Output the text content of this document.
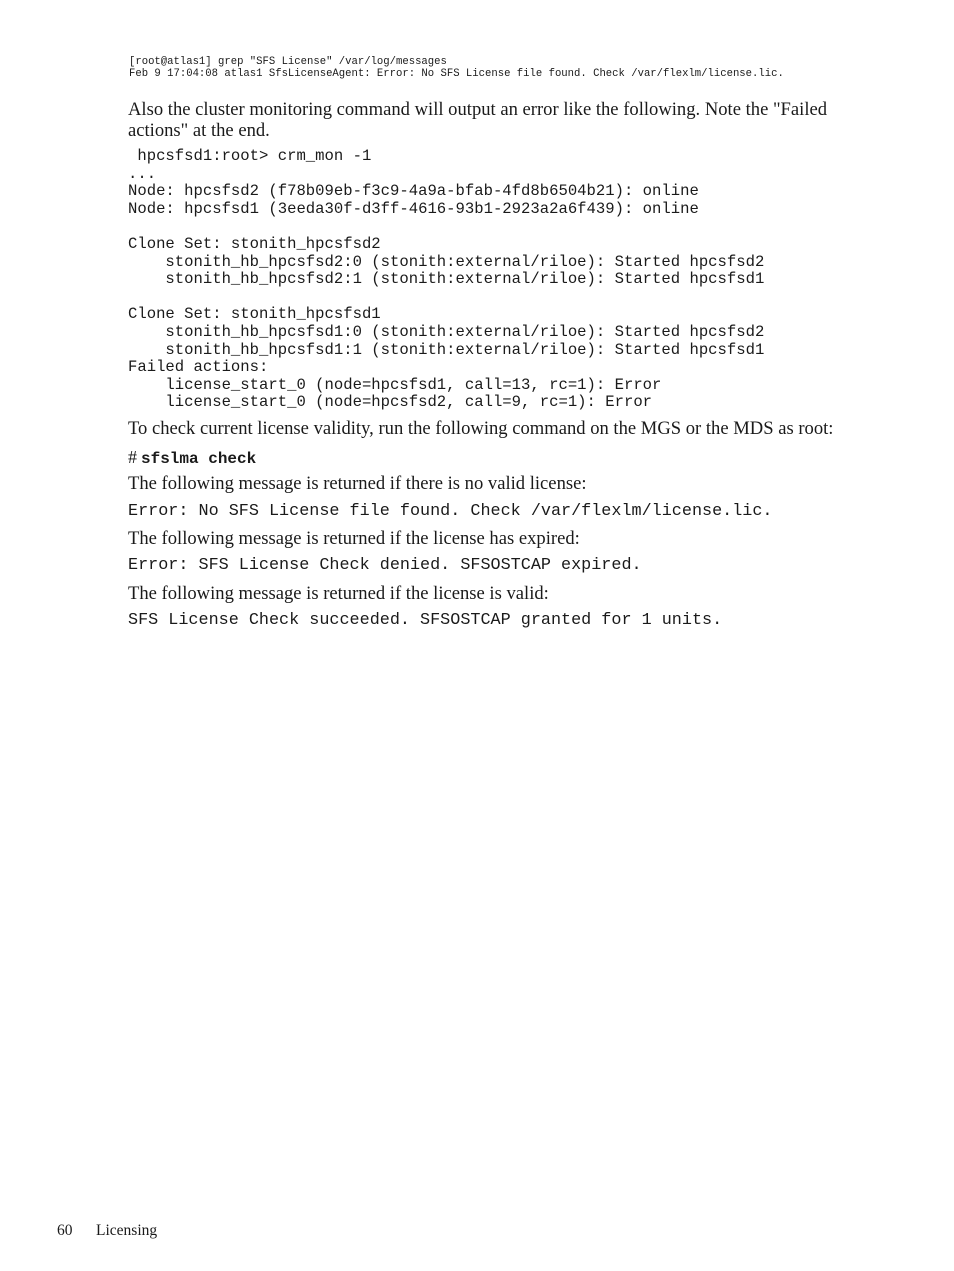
[root@atlas1] grep "SFS License" /var/log/messages
Feb 9 17:04:08 atlas1 SfsLicenseAgent: Error: No SFS License file found. Check /var/flexlm/license.lic.
Also the cluster monitoring command will output an error like the following. Note the "Failed actions" at the end.
hpcsfsd1:root> crm_mon -1
...
Node: hpcsfsd2 (f78b09eb-f3c9-4a9a-bfab-4fd8b6504b21): online
Node: hpcsfsd1 (3eeda30f-d3ff-4616-93b1-2923a2a6f439): online

Clone Set: stonith_hpcsfsd2
stonith_hb_hpcsfsd2:0 (stonith:external/riloe): Started hpcsfsd2
stonith_hb_hpcsfsd2:1 (stonith:external/riloe): Started hpcsfsd1

Clone Set: stonith_hpcsfsd1
stonith_hb_hpcsfsd1:0 (stonith:external/riloe): Started hpcsfsd2
stonith_hb_hpcsfsd1:1 (stonith:external/riloe): Started hpcsfsd1
Failed actions:
license_start_0 (node=hpcsfsd1, call=13, rc=1): Error
license_start_0 (node=hpcsfsd2, call=9, rc=1): Error
To check current license validity, run the following command on the MGS or the MDS as root:
# sfslma check
The following message is returned if there is no valid license:
Error: No SFS License file found. Check /var/flexlm/license.lic.
The following message is returned if the license has expired:
Error: SFS License Check denied. SFSOSTCAP expired.
The following message is returned if the license is valid:
SFS License Check succeeded. SFSOSTCAP granted for 1 units.
60 Licensing
